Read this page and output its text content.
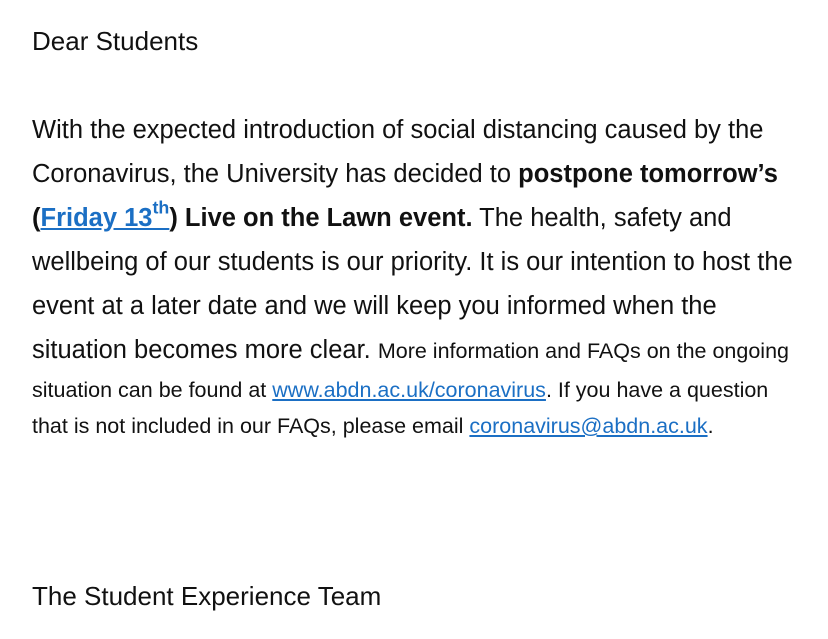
Dear Students

With the expected introduction of social distancing caused by the Coronavirus, the University has decided to postpone tomorrow’s (Friday 13th) Live on the Lawn event. The health, safety and wellbeing of our students is our priority. It is our intention to host the event at a later date and we will keep you informed when the situation becomes more clear. More information and FAQs on the ongoing situation can be found at www.abdn.ac.uk/coronavirus. If you have a question that is not included in our FAQs, please email coronavirus@abdn.ac.uk.

The Student Experience Team
